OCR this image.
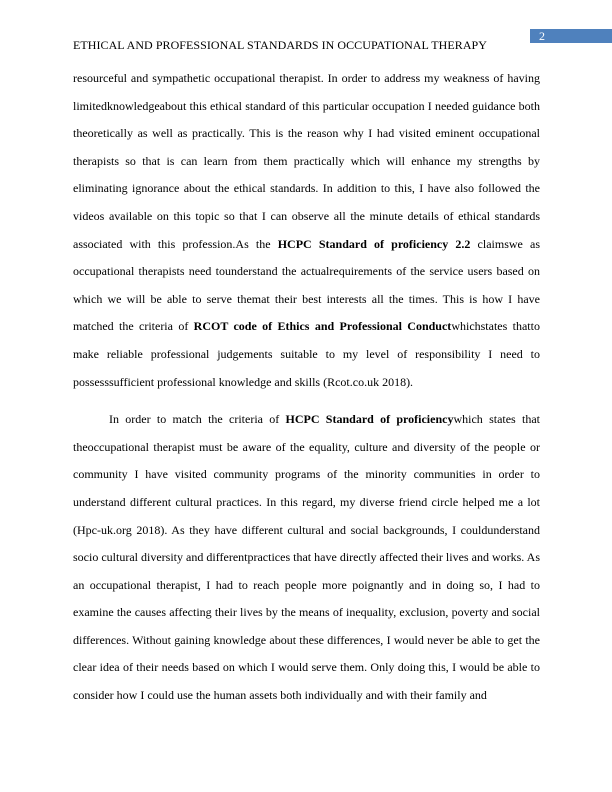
2
ETHICAL AND PROFESSIONAL STANDARDS IN OCCUPATIONAL THERAPY

resourceful and sympathetic occupational therapist. In order to address my weakness of having limitedknowledgeabout this ethical standard of this particular occupation I needed guidance both theoretically as well as practically. This is the reason why I had visited eminent occupational therapists so that is can learn from them practically which will enhance my strengths by eliminating ignorance about the ethical standards. In addition to this, I have also followed the videos available on this topic so that I can observe all the minute details of ethical standards associated with this profession.As the HCPC Standard of proficiency 2.2 claimswe as occupational therapists need tounderstand the actualrequirements of the service users based on which we will be able to serve themat their best interests all the times. This is how I have matched the criteria of RCOT code of Ethics and Professional Conductwhichstates thatto make reliable professional judgements suitable to my level of responsibility I need to possesssufficient professional knowledge and skills (Rcot.co.uk 2018).

In order to match the criteria of HCPC Standard of proficiencywhich states that theoccupational therapist must be aware of the equality, culture and diversity of the people or community I have visited community programs of the minority communities in order to understand different cultural practices. In this regard, my diverse friend circle helped me a lot (Hpc-uk.org 2018). As they have different cultural and social backgrounds, I couldunderstand socio cultural diversity and differentpractices that have directly affected their lives and works. As an occupational therapist, I had to reach people more poignantly and in doing so, I had to examine the causes affecting their lives by the means of inequality, exclusion, poverty and social differences. Without gaining knowledge about these differences, I would never be able to get the clear idea of their needs based on which I would serve them. Only doing this, I would be able to consider how I could use the human assets both individually and with their family and
